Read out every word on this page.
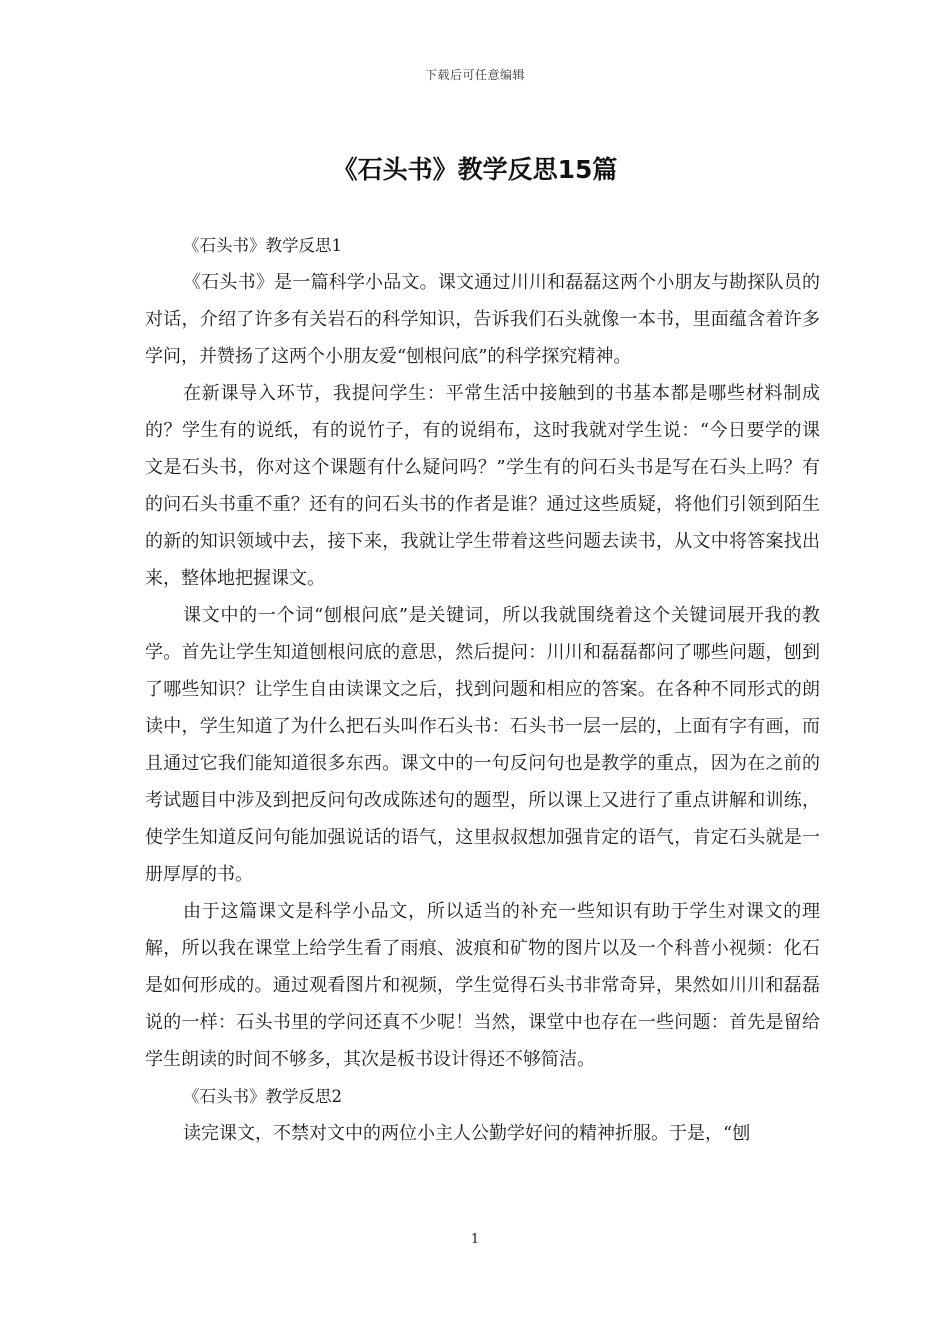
下载后可任意编辑
《石头书》教学反思15篇

《石头书》教学反思1

《石头书》是一篇科学小品文。课文通过川川和磊磊这两个小朋友与勘探队员的对话，介绍了许多有关岩石的科学知识，告诉我们石头就像一本书，里面蕴含着许多学问，并赞扬了这两个小朋友爱“刨根问底”的科学探究精神。

在新课导入环节，我提问学生：平常生活中接触到的书基本都是哪些材料制成的？学生有的说纸，有的说竹子，有的说绢布，这时我就对学生说：“今日要学的课文是石头书，你对这个课题有什么疑问吗？”学生有的问石头书是写在石头上吗？有的问石头书重不重？还有的问石头书的作者是谁？通过这些质疑，将他们引领到陌生的新的知识领域中去，接下来，我就让学生带着这些问题去读书，从文中将答案找出来，整体地把握课文。

课文中的一个词“刨根问底”是关键词，所以我就围绕着这个关键词展开我的教学。首先让学生知道刨根问底的意思，然后提问：川川和磊磊都问了哪些问题，刨到了哪些知识？让学生自由读课文之后，找到问题和相应的答案。在各种不同形式的朗读中，学生知道了为什么把石头叫作石头书：石头书一层一层的，上面有字有画，而且通过它我们能知道很多东西。课文中的一句反问句也是教学的重点，因为在之前的考试题目中涉及到把反问句改成陈述句的题型，所以课上又进行了重点讲解和训练，使学生知道反问句能加强说话的语气，这里叔叔想加强肯定的语气，肯定石头就是一册厚厚的书。

由于这篇课文是科学小品文，所以适当的补充一些知识有助于学生对课文的理解，所以我在课堂上给学生看了雨痕、波痕和矿物的图片以及一个科普小视频：化石是如何形成的。通过观看图片和视频，学生觉得石头书非常奇异，果然如川川和磊磊说的一样：石头书里的学问还真不少呢！当然，课堂中也存在一些问题：首先是留给学生朗读的时间不够多，其次是板书设计得还不够简洁。

《石头书》教学反思2

读完课文，不禁对文中的两位小主人公勤学好问的精神折服。于是，“刨

1
